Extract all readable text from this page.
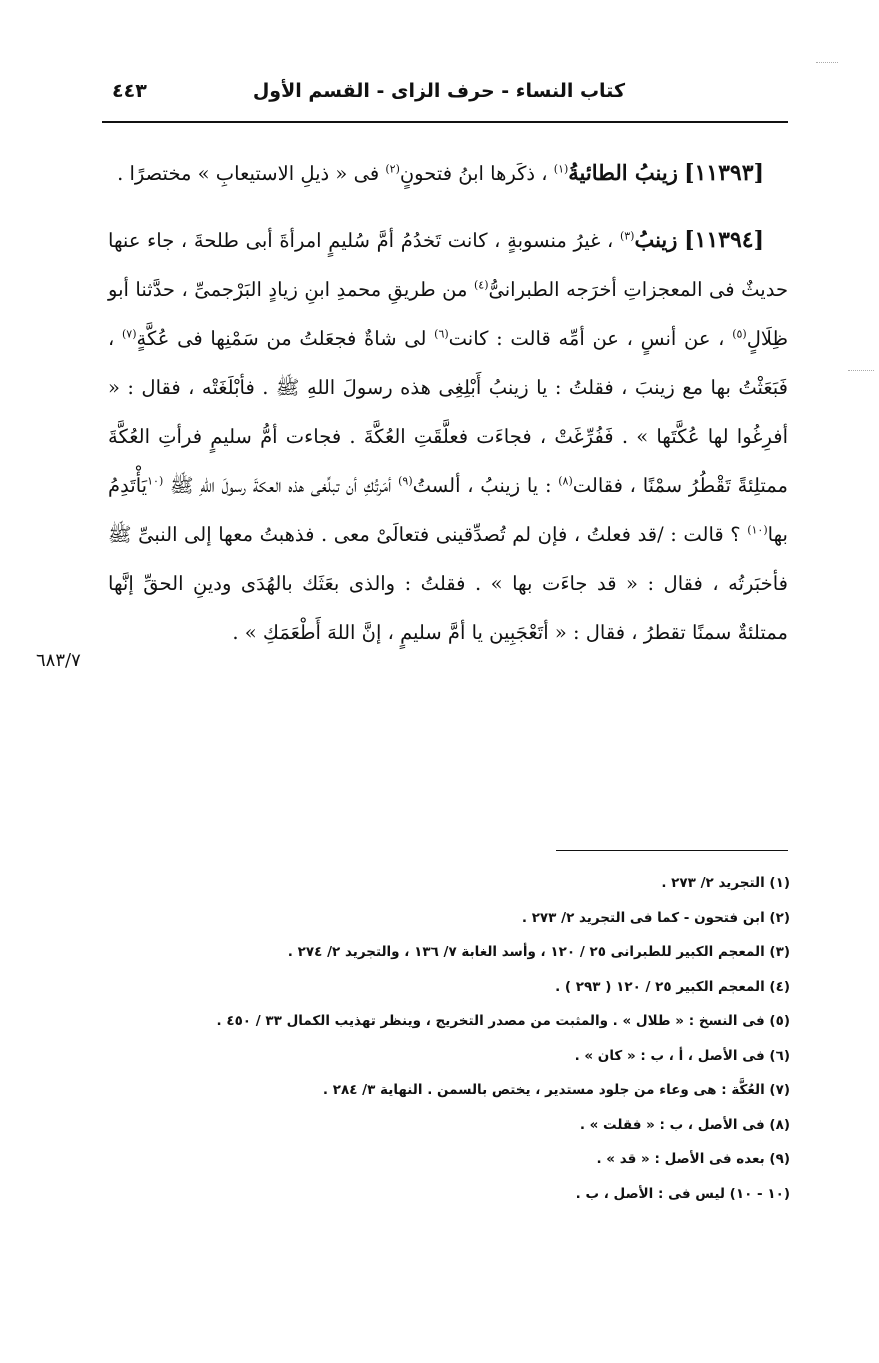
كتاب النساء - حرف الزاى - القسم الأول
٤٤٣

[١١٣٩٣] زينبُ الطائيةُ$^{(١)}$ ، ذكَرها ابنُ فتحونٍ$^{(٢)}$ فى « ذيلِ الاستيعابِ » مختصرًا .

[١١٣٩٤] زينبُ$^{(٣)}$ ، غيرُ منسوبةٍ ، كانت تَخدُمُ أمَّ سُليمٍ امرأةَ أبى طلحةَ ، جاء عنها حديثٌ فى المعجزاتِ أخرَجه الطبرانىُّ$^{(٤)}$ من طريقِ محمدِ ابنِ زيادٍ البَرْجمىِّ ، حدَّثنا أبو ظِلَالٍ$^{(٥)}$ ، عن أنسٍ ، عن أمِّه قالت : كانت$^{(٦)}$ لى شاةٌ فجعَلتُ من سَمْنِها فى عُكَّةٍ$^{(٧)}$ ، فَبَعَثْتُ بها مع زينبَ ، فقلتُ : يا زينبُ أَبْلِغِى هذه رسولَ اللهِ ﷺ . فأبْلَغَتْه ، فقال : « أفرِغُوا لها عُكَّتَها » . فَفُرِّغَتْ ، فجاءَت فعلَّقَتِ العُكَّةَ . فجاءت أمُّ سليمٍ فرأتِ العُكَّةَ ممتلِئةً تَقْطُرُ سمْنًا ، فقالت$^{(٨)}$ : يا زينبُ ، ألستُ$^{(٩)}$ أمَرتُكِ أن تبلِّغى هذه العكةَ رسولَ اللهِ ﷺ $^{(١٠}$يَأْتَدِمُ بها$^{(١٠)}$ ؟ قالت : /قد فعلتُ ، فإن لم تُصدِّقينى فتعالَىْ معى . فذهبتُ معها إلى النبىِّ ﷺ فأخبَرتُه ، فقال : « قد جاءَت بها » . فقلتُ : والذى بعَثَك بالهُدَى ودينِ الحقِّ إنَّها ممتلئةٌ سمنًا تقطرُ ، فقال : « أتَعْجَبِين يا أمَّ سليمٍ ، إنَّ اللهَ أَطْعَمَكِ » .

٦٨٣/٧
(١) التجريد ٢/ ٢٧٣ .
(٢) ابن فتحون - كما فى التجريد ٢/ ٢٧٣ .
(٣) المعجم الكبير للطبرانى ٢٥ / ١٢٠ ، وأسد الغابة ٧/ ١٣٦ ، والتجريد ٢/ ٢٧٤ .
(٤) المعجم الكبير ٢٥ / ١٢٠ ( ٢٩٣ ) .
(٥) فى النسخ : « طلال » . والمثبت من مصدر التخريج ، وينظر تهذيب الكمال ٣٣ / ٤٥٠ .
(٦) فى الأصل ، أ ، ب : « كان » .
(٧) العُكَّة : هى وعاء من جلود مستدير ، يختص بالسمن . النهاية ٣/ ٢٨٤ .
(٨) فى الأصل ، ب : « فقلت » .
(٩) بعده فى الأصل : « قد » .
(١٠ - ١٠) ليس فى : الأصل ، ب .
